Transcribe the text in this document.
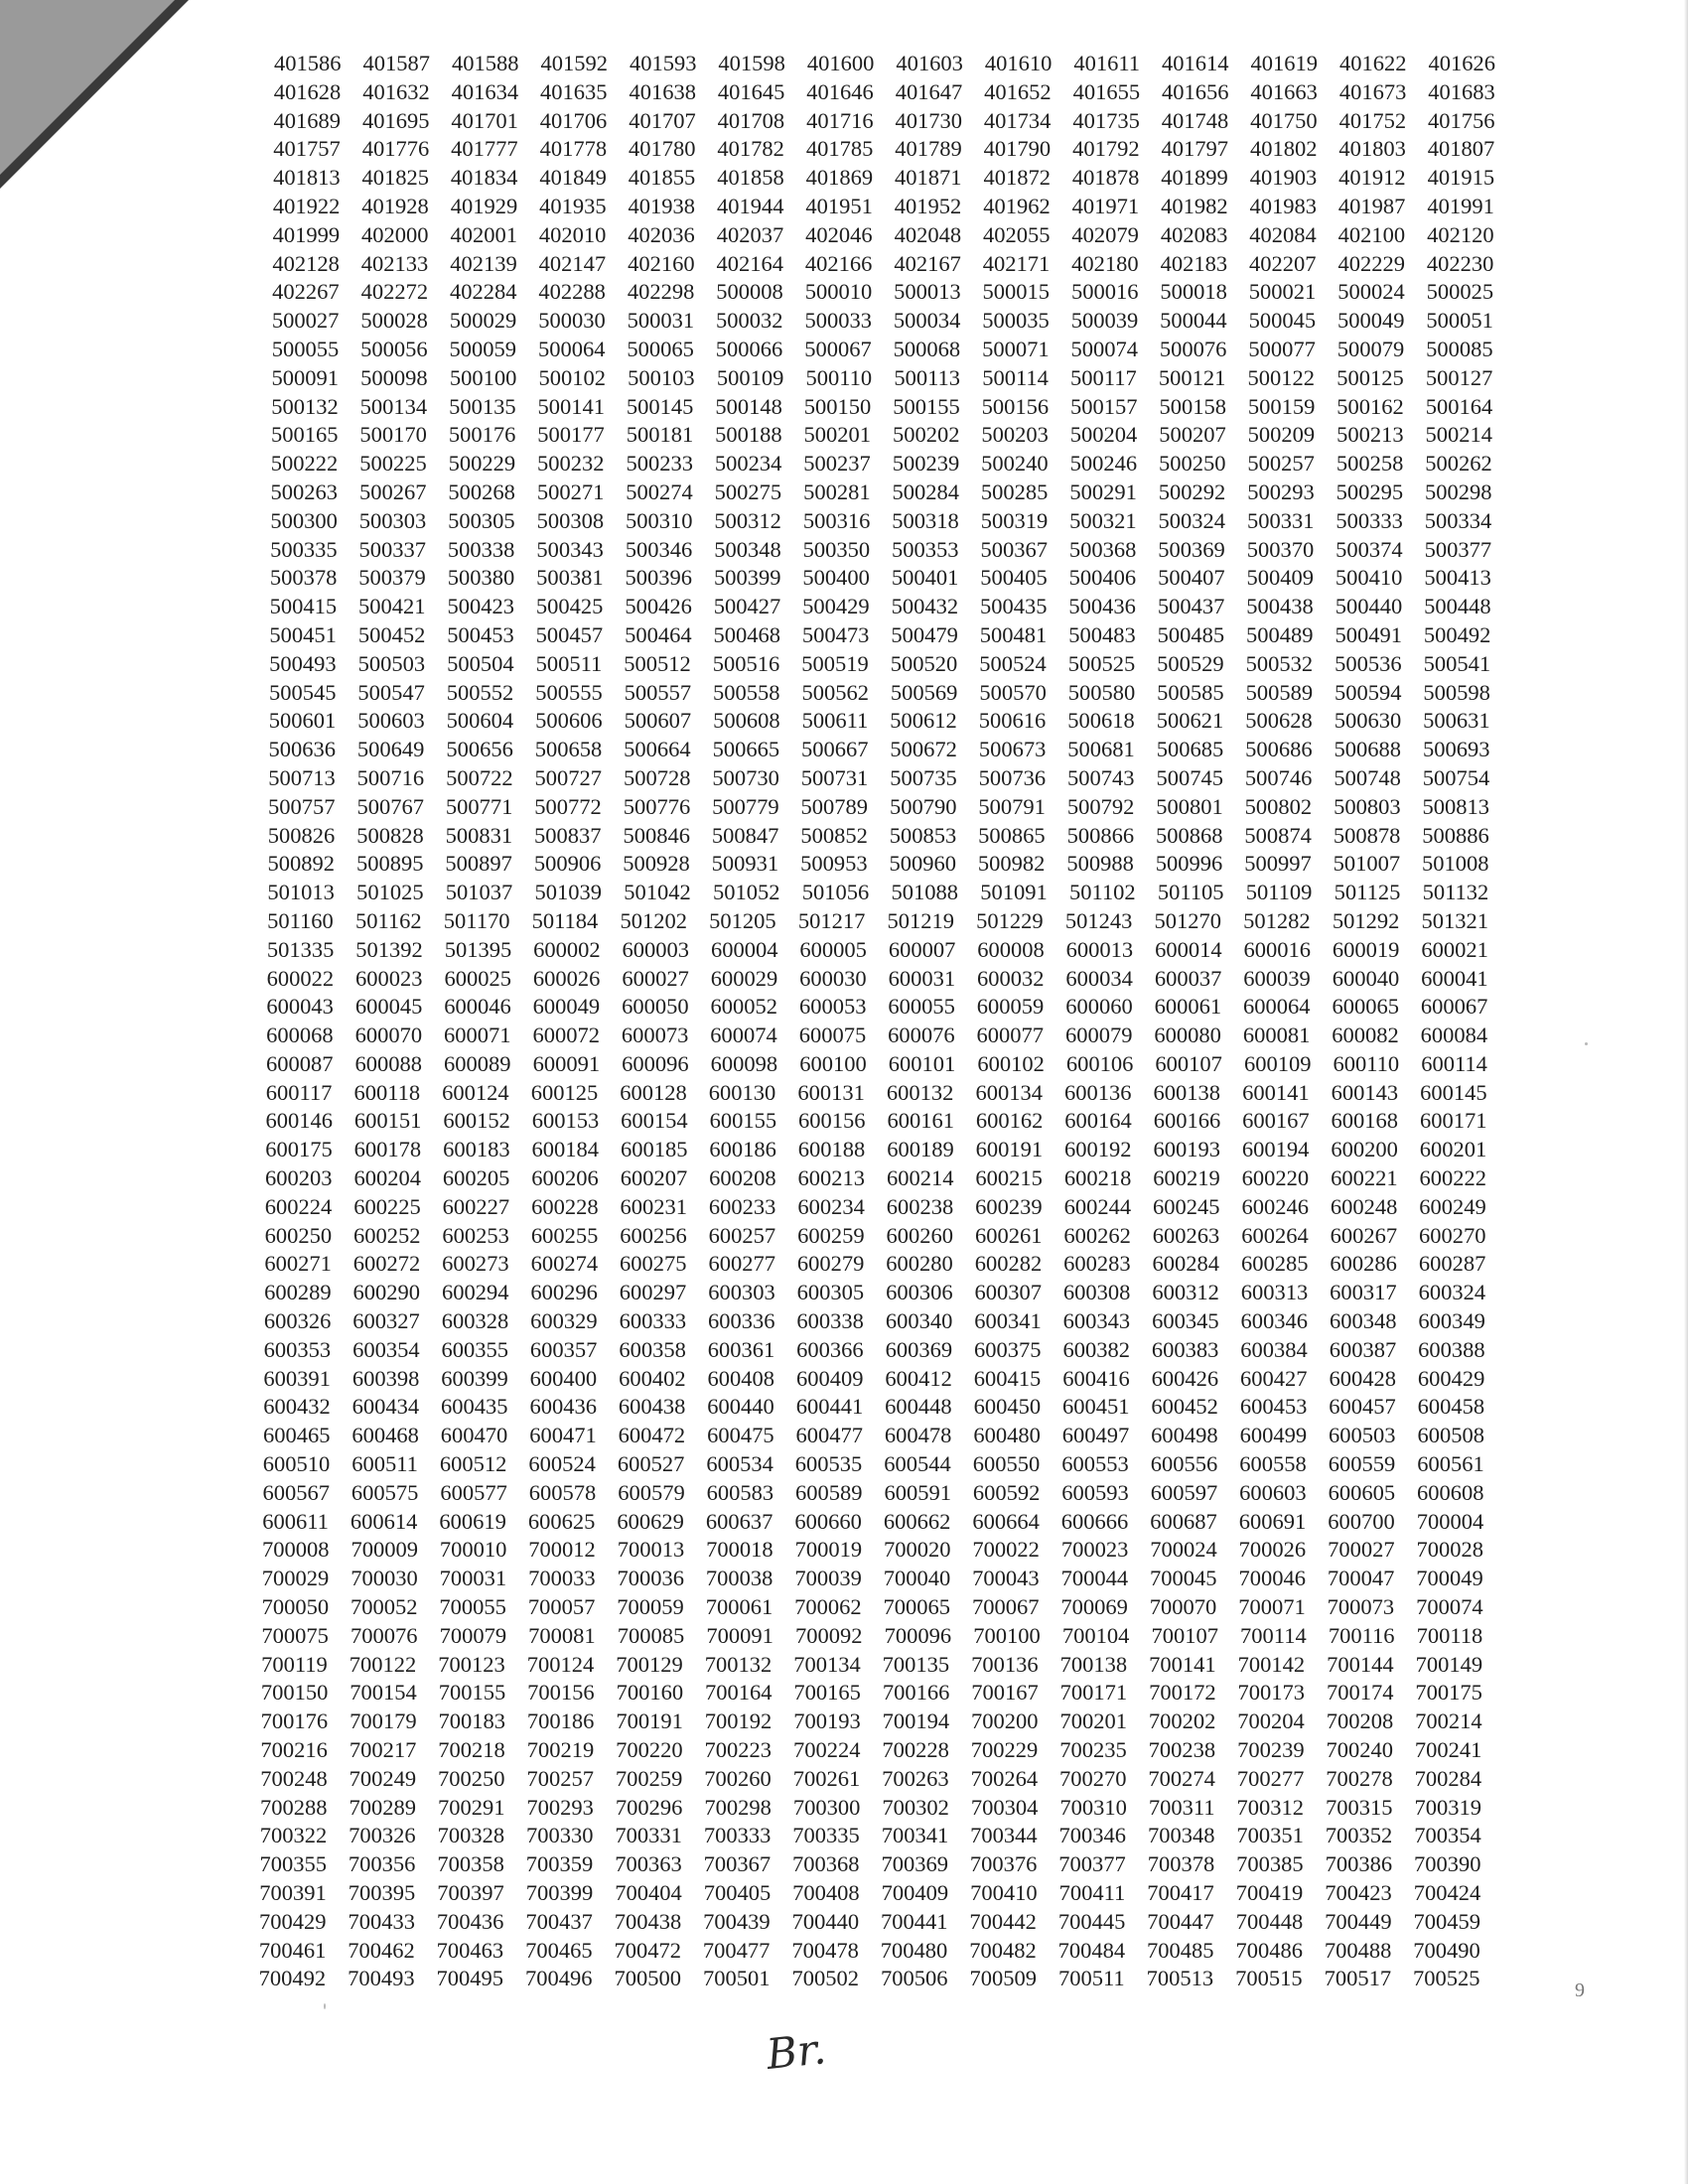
401586 401587 401588 401592 401593 401598 401600 401603 401610 401611 401614 401619 401622 401626
401628 401632 401634 401635 401638 401645 401646 401647 401652 401655 401656 401663 401673 401683
401689 401695 401701 401706 401707 401708 401716 401730 401734 401735 401748 401750 401752 401756
401757 401776 401777 401778 401780 401782 401785 401789 401790 401792 401797 401802 401803 401807
401813 401825 401834 401849 401855 401858 401869 401871 401872 401878 401899 401903 401912 401915
401922 401928 401929 401935 401938 401944 401951 401952 401962 401971 401982 401983 401987 401991
401999 402000 402001 402010 402036 402037 402046 402048 402055 402079 402083 402084 402100 402120
402128 402133 402139 402147 402160 402164 402166 402167 402171 402180 402183 402207 402229 402230
402267 402272 402284 402288 402298 500008 500010 500013 500015 500016 500018 500021 500024 500025
500027 500028 500029 500030 500031 500032 500033 500034 500035 500039 500044 500045 500049 500051
500055 500056 500059 500064 500065 500066 500067 500068 500071 500074 500076 500077 500079 500085
500091 500098 500100 500102 500103 500109 500110 500113 500114 500117 500121 500122 500125 500127
500132 500134 500135 500141 500145 500148 500150 500155 500156 500157 500158 500159 500162 500164
500165 500170 500176 500177 500181 500188 500201 500202 500203 500204 500207 500209 500213 500214
500222 500225 500229 500232 500233 500234 500237 500239 500240 500246 500250 500257 500258 500262
500263 500267 500268 500271 500274 500275 500281 500284 500285 500291 500292 500293 500295 500298
500300 500303 500305 500308 500310 500312 500316 500318 500319 500321 500324 500331 500333 500334
500335 500337 500338 500343 500346 500348 500350 500353 500367 500368 500369 500370 500374 500377
500378 500379 500380 500381 500396 500399 500400 500401 500405 500406 500407 500409 500410 500413
500415 500421 500423 500425 500426 500427 500429 500432 500435 500436 500437 500438 500440 500448
500451 500452 500453 500457 500464 500468 500473 500479 500481 500483 500485 500489 500491 500492
500493 500503 500504 500511 500512 500516 500519 500520 500524 500525 500529 500532 500536 500541
500545 500547 500552 500555 500557 500558 500562 500569 500570 500580 500585 500589 500594 500598
500601 500603 500604 500606 500607 500608 500611 500612 500616 500618 500621 500628 500630 500631
500636 500649 500656 500658 500664 500665 500667 500672 500673 500681 500685 500686 500688 500693
500713 500716 500722 500727 500728 500730 500731 500735 500736 500743 500745 500746 500748 500754
500757 500767 500771 500772 500776 500779 500789 500790 500791 500792 500801 500802 500803 500813
500826 500828 500831 500837 500846 500847 500852 500853 500865 500866 500868 500874 500878 500886
500892 500895 500897 500906 500928 500931 500953 500960 500982 500988 500996 500997 501007 501008
501013 501025 501037 501039 501042 501052 501056 501088 501091 501102 501105 501109 501125 501132
501160 501162 501170 501184 501202 501205 501217 501219 501229 501243 501270 501282 501292 501321
501335 501392 501395 600002 600003 600004 600005 600007 600008 600013 600014 600016 600019 600021
600022 600023 600025 600026 600027 600029 600030 600031 600032 600034 600037 600039 600040 600041
600043 600045 600046 600049 600050 600052 600053 600055 600059 600060 600061 600064 600065 600067
600068 600070 600071 600072 600073 600074 600075 600076 600077 600079 600080 600081 600082 600084
600087 600088 600089 600091 600096 600098 600100 600101 600102 600106 600107 600109 600110 600114
600117 600118 600124 600125 600128 600130 600131 600132 600134 600136 600138 600141 600143 600145
600146 600151 600152 600153 600154 600155 600156 600161 600162 600164 600166 600167 600168 600171
600175 600178 600183 600184 600185 600186 600188 600189 600191 600192 600193 600194 600200 600201
600203 600204 600205 600206 600207 600208 600213 600214 600215 600218 600219 600220 600221 600222
600224 600225 600227 600228 600231 600233 600234 600238 600239 600244 600245 600246 600248 600249
600250 600252 600253 600255 600256 600257 600259 600260 600261 600262 600263 600264 600267 600270
600271 600272 600273 600274 600275 600277 600279 600280 600282 600283 600284 600285 600286 600287
600289 600290 600294 600296 600297 600303 600305 600306 600307 600308 600312 600313 600317 600324
600326 600327 600328 600329 600333 600336 600338 600340 600341 600343 600345 600346 600348 600349
600353 600354 600355 600357 600358 600361 600366 600369 600375 600382 600383 600384 600387 600388
600391 600398 600399 600400 600402 600408 600409 600412 600415 600416 600426 600427 600428 600429
600432 600434 600435 600436 600438 600440 600441 600448 600450 600451 600452 600453 600457 600458
600465 600468 600470 600471 600472 600475 600477 600478 600480 600497 600498 600499 600503 600508
600510 600511 600512 600524 600527 600534 600535 600544 600550 600553 600556 600558 600559 600561
600567 600575 600577 600578 600579 600583 600589 600591 600592 600593 600597 600603 600605 600608
600611 600614 600619 600625 600629 600637 600660 600662 600664 600666 600687 600691 600700 700004
700008 700009 700010 700012 700013 700018 700019 700020 700022 700023 700024 700026 700027 700028
700029 700030 700031 700033 700036 700038 700039 700040 700043 700044 700045 700046 700047 700049
700050 700052 700055 700057 700059 700061 700062 700065 700067 700069 700070 700071 700073 700074
700075 700076 700079 700081 700085 700091 700092 700096 700100 700104 700107 700114 700116 700118
700119 700122 700123 700124 700129 700132 700134 700135 700136 700138 700141 700142 700144 700149
700150 700154 700155 700156 700160 700164 700165 700166 700167 700171 700172 700173 700174 700175
700176 700179 700183 700186 700191 700192 700193 700194 700200 700201 700202 700204 700208 700214
700216 700217 700218 700219 700220 700223 700224 700228 700229 700235 700238 700239 700240 700241
700248 700249 700250 700257 700259 700260 700261 700263 700264 700270 700274 700277 700278 700284
700288 700289 700291 700293 700296 700298 700300 700302 700304 700310 700311 700312 700315 700319
700322 700326 700328 700330 700331 700333 700335 700341 700344 700346 700348 700351 700352 700354
700355 700356 700358 700359 700363 700367 700368 700369 700376 700377 700378 700385 700386 700390
700391 700395 700397 700399 700404 700405 700408 700409 700410 700411 700417 700419 700423 700424
700429 700433 700436 700437 700438 700439 700440 700441 700442 700445 700447 700448 700449 700459
700461 700462 700463 700465 700472 700477 700478 700480 700482 700484 700485 700486 700488 700490
700492 700493 700495 700496 700500 700501 700502 700506 700509 700511 700513 700515 700517 700525
Br.
9
